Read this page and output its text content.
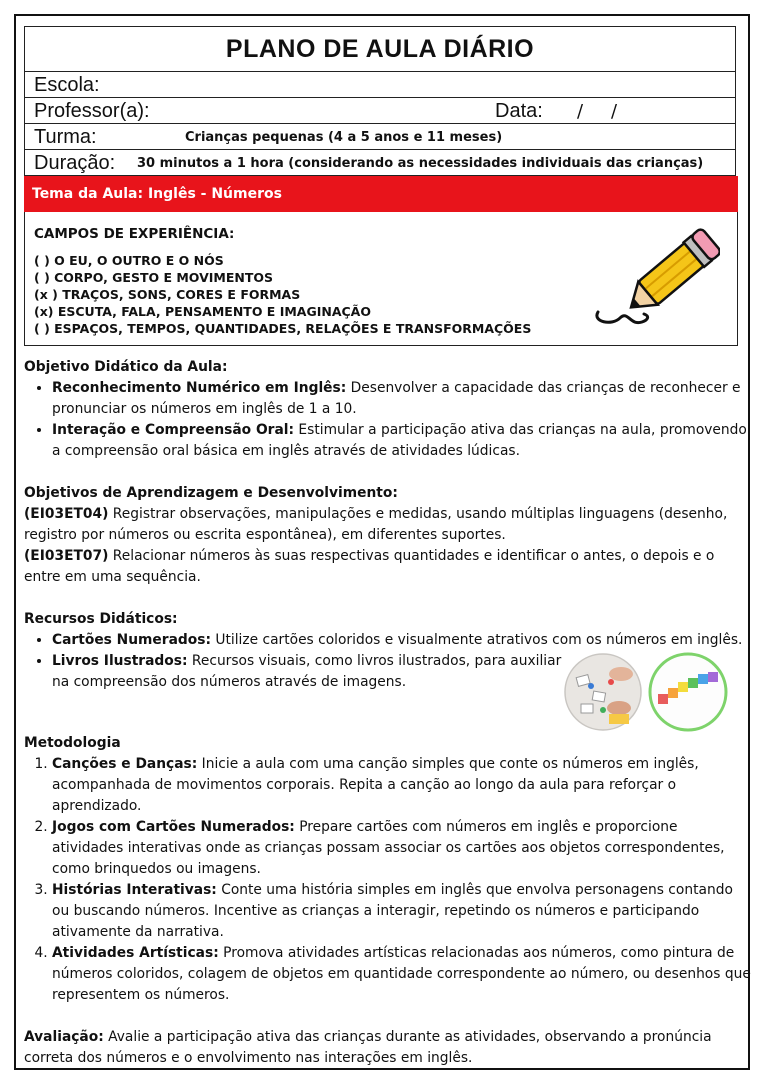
PLANO DE AULA DIÁRIO
Escola:
Professor(a):	Data: / /
Turma:	Crianças pequenas (4 a 5 anos e 11 meses)
Duração: 30 minutos a 1 hora (considerando as necessidades individuais das crianças)
Tema da Aula: Inglês - Números
CAMPOS DE EXPERIÊNCIA:
( ) O EU, O OUTRO E O NÓS
( ) CORPO, GESTO E MOVIMENTOS
(x ) TRAÇOS, SONS, CORES E FORMAS
(x) ESCUTA, FALA, PENSAMENTO E IMAGINAÇÃO
( ) ESPAÇOS, TEMPOS, QUANTIDADES, RELAÇÕES E TRANSFORMAÇÕES
Objetivo Didático da Aula:
• Reconhecimento Numérico em Inglês: Desenvolver a capacidade das crianças de reconhecer e pronunciar os números em inglês de 1 a 10.
• Interação e Compreensão Oral: Estimular a participação ativa das crianças na aula, promovendo a compreensão oral básica em inglês através de atividades lúdicas.
Objetivos de Aprendizagem e Desenvolvimento:
(EI03ET04) Registrar observações, manipulações e medidas, usando múltiplas linguagens (desenho, registro por números ou escrita espontânea), em diferentes suportes.
(EI03ET07) Relacionar números às suas respectivas quantidades e identificar o antes, o depois e o entre em uma sequência.
Recursos Didáticos:
• Cartões Numerados: Utilize cartões coloridos e visualmente atrativos com os números em inglês.
• Livros Ilustrados: Recursos visuais, como livros ilustrados, para auxiliar na compreensão dos números através de imagens.
Metodologia
1. Canções e Danças: Inicie a aula com uma canção simples que conte os números em inglês, acompanhada de movimentos corporais. Repita a canção ao longo da aula para reforçar o aprendizado.
2. Jogos com Cartões Numerados: Prepare cartões com números em inglês e proporcione atividades interativas onde as crianças possam associar os cartões aos objetos correspondentes, como brinquedos ou imagens.
3. Histórias Interativas: Conte uma história simples em inglês que envolva personagens contando ou buscando números. Incentive as crianças a interagir, repetindo os números e participando ativamente da narrativa.
4. Atividades Artísticas: Promova atividades artísticas relacionadas aos números, como pintura de números coloridos, colagem de objetos em quantidade correspondente ao número, ou desenhos que representem os números.
Avaliação: Avalie a participação ativa das crianças durante as atividades, observando a pronúncia correta dos números e o envolvimento nas interações em inglês.
